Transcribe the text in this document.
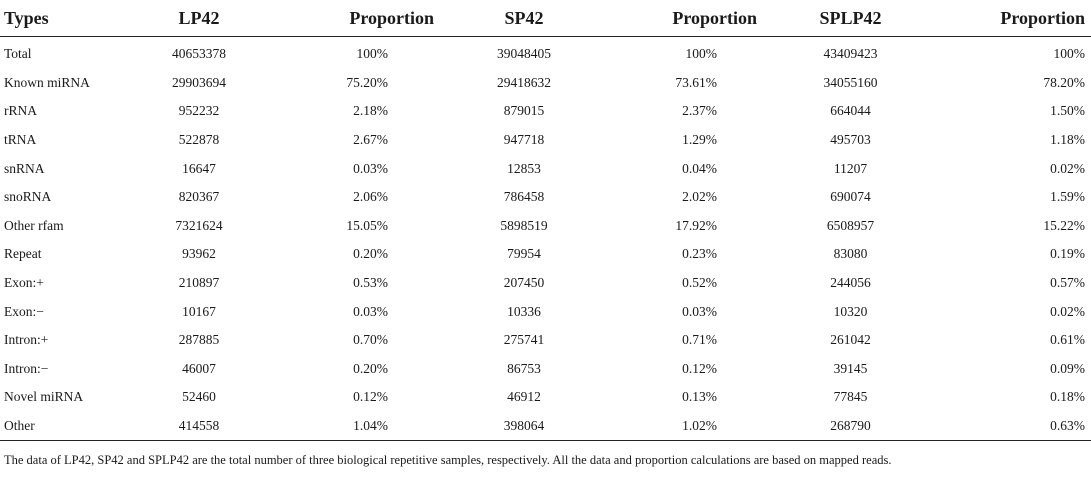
Types	LP42	Proportion	SP42	Proportion	SPLP42	Proportion
Total	40653378	100%	39048405	100%	43409423	100%
Known miRNA	29903694	75.20%	29418632	73.61%	34055160	78.20%
rRNA	952232	2.18%	879015	2.37%	664044	1.50%
tRNA	522878	2.67%	947718	1.29%	495703	1.18%
snRNA	16647	0.03%	12853	0.04%	11207	0.02%
snoRNA	820367	2.06%	786458	2.02%	690074	1.59%
Other rfam	7321624	15.05%	5898519	17.92%	6508957	15.22%
Repeat	93962	0.20%	79954	0.23%	83080	0.19%
Exon:+	210897	0.53%	207450	0.52%	244056	0.57%
Exon:−	10167	0.03%	10336	0.03%	10320	0.02%
Intron:+	287885	0.70%	275741	0.71%	261042	0.61%
Intron:−	46007	0.20%	86753	0.12%	39145	0.09%
Novel miRNA	52460	0.12%	46912	0.13%	77845	0.18%
Other	414558	1.04%	398064	1.02%	268790	0.63%
The data of LP42, SP42 and SPLP42 are the total number of three biological repetitive samples, respectively. All the data and proportion calculations are based on mapped reads.
